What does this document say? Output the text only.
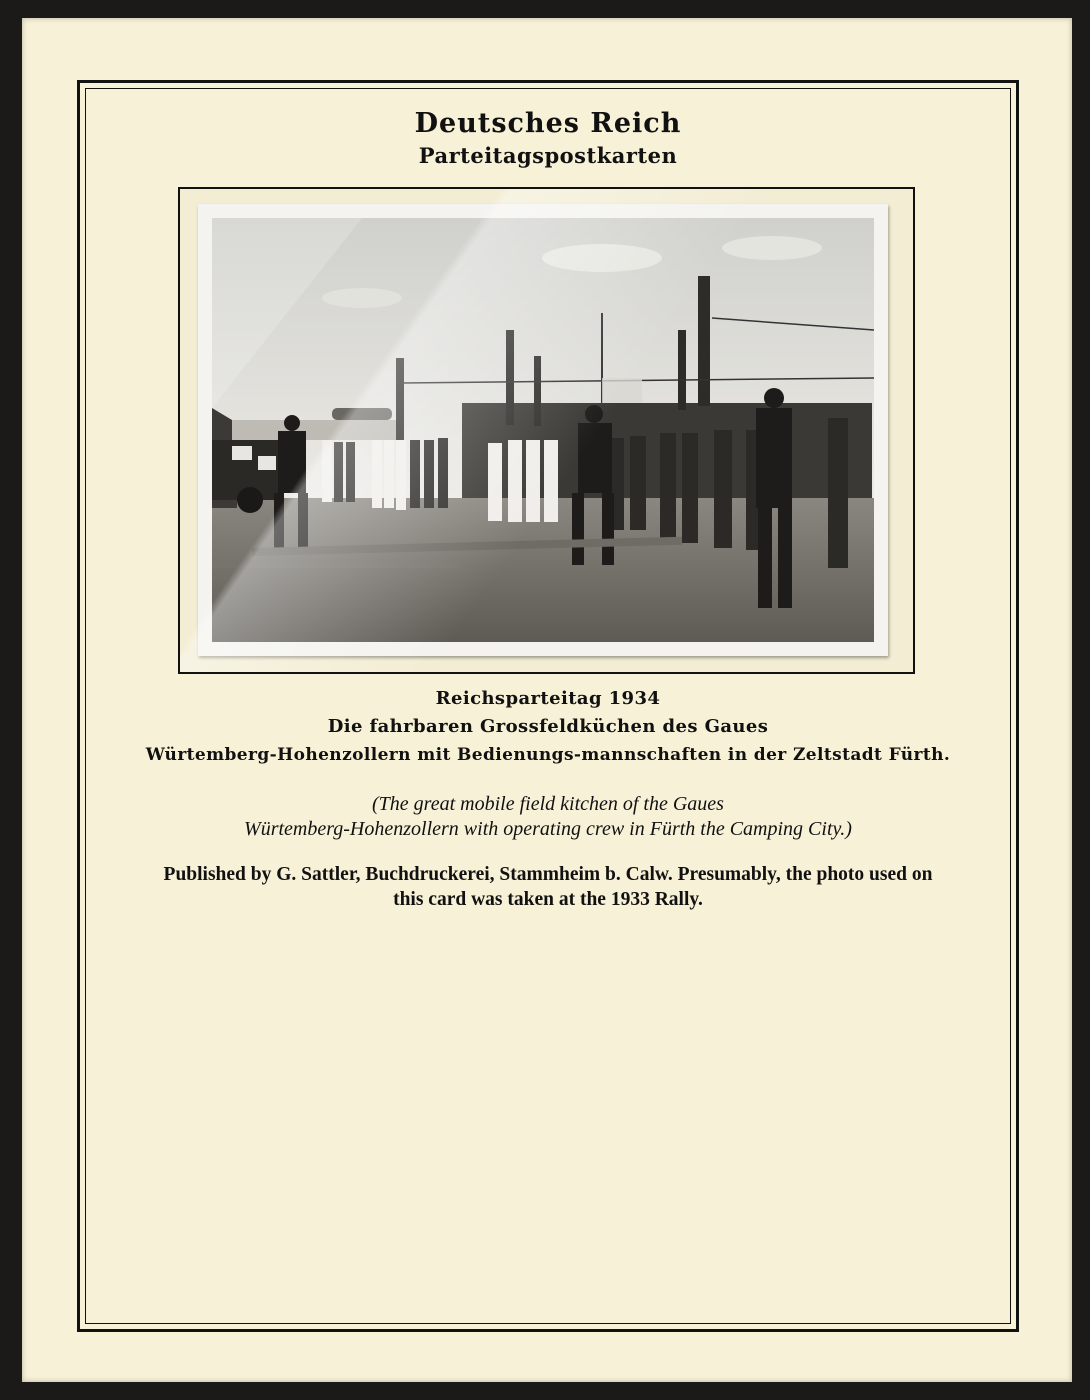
Deutsches Reich
Parteitagspostkarten
Reichsparteitag 1934
Die fahrbaren Grossfeldküchen des Gaues
Würtemberg-Hohenzollern mit Bedienungs-mannschaften in der Zeltstadt Fürth.
(The great mobile field kitchen of the Gaues
Würtemberg-Hohenzollern with operating crew in Fürth the Camping City.)
Published by G. Sattler, Buchdruckerei, Stammheim b. Calw. Presumably, the photo used on this card was taken at the 1933 Rally.
